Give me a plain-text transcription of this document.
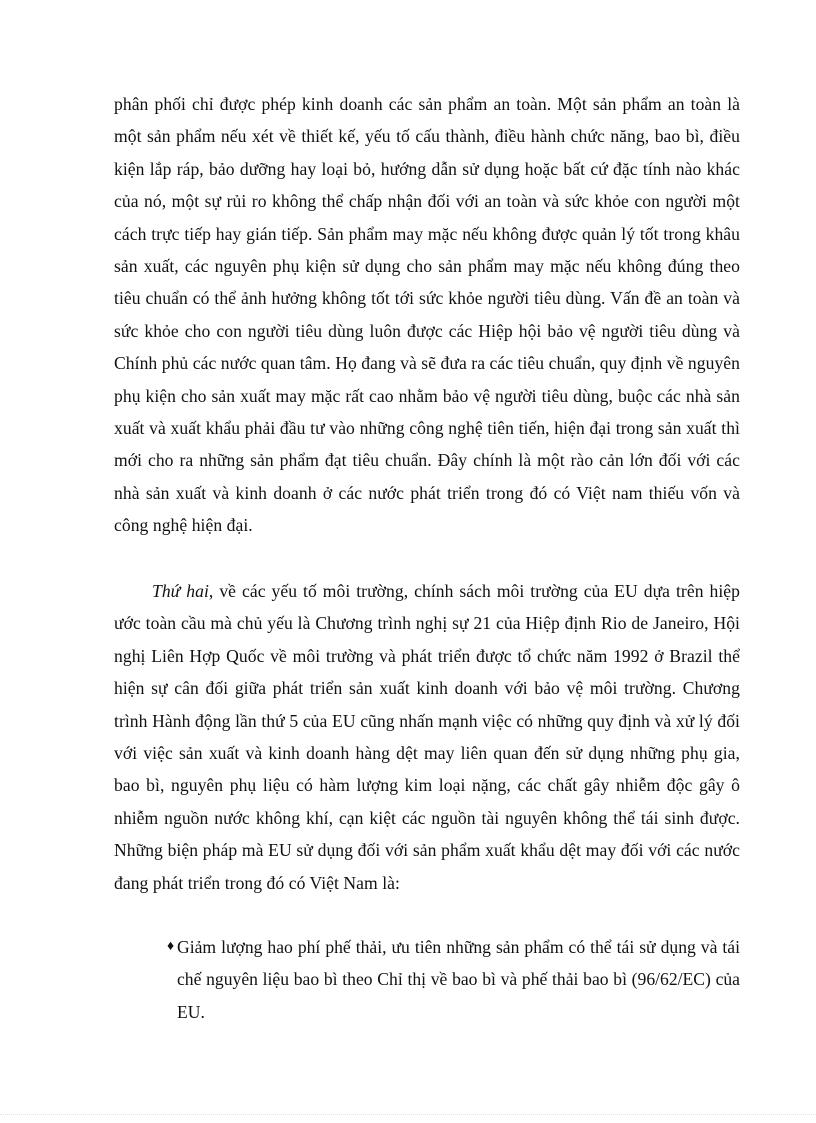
phân phối chỉ được phép kinh doanh các sản phẩm an toàn. Một sản phẩm an toàn là một sản phẩm nếu xét về thiết kế, yếu tố cấu thành, điều hành chức năng, bao bì, điều kiện lắp ráp, bảo dưỡng hay loại bỏ, hướng dẫn sử dụng hoặc bất cứ đặc tính nào khác của nó, một sự rủi ro không thể chấp nhận đối với an toàn và sức khỏe con người một cách trực tiếp hay gián tiếp. Sản phẩm may mặc nếu không được quản lý tốt trong khâu sản xuất, các nguyên phụ kiện sử dụng cho sản phẩm may mặc nếu không đúng theo tiêu chuẩn có thể ảnh hưởng không tốt tới sức khỏe người tiêu dùng. Vấn đề an toàn và sức khỏe cho con người tiêu dùng luôn được các Hiệp hội bảo vệ người tiêu dùng và Chính phủ các nước quan tâm. Họ đang và sẽ đưa ra các tiêu chuẩn, quy định về nguyên phụ kiện cho sản xuất may mặc rất cao nhằm bảo vệ người tiêu dùng, buộc các nhà sản xuất và xuất khẩu phải đầu tư vào những công nghệ tiên tiến, hiện đại trong sản xuất thì mới cho ra những sản phẩm đạt tiêu chuẩn. Đây chính là một rào cản lớn đối với các nhà sản xuất và kinh doanh ở các nước phát triển trong đó có Việt nam thiếu vốn và công nghệ hiện đại.

Thứ hai, về các yếu tố môi trường, chính sách môi trường của EU dựa trên hiệp ước toàn cầu mà chủ yếu là Chương trình nghị sự 21 của Hiệp định Rio de Janeiro, Hội nghị Liên Hợp Quốc về môi trường và phát triển được tổ chức năm 1992 ở Brazil thể hiện sự cân đối giữa phát triển sản xuất kinh doanh với bảo vệ môi trường. Chương trình Hành động lần thứ 5 của EU cũng nhấn mạnh việc có những quy định và xử lý đối với việc sản xuất và kinh doanh hàng dệt may liên quan đến sử dụng những phụ gia, bao bì, nguyên phụ liệu có hàm lượng kim loại nặng, các chất gây nhiễm độc gây ô nhiễm nguồn nước không khí, cạn kiệt các nguồn tài nguyên không thể tái sinh được. Những biện pháp mà EU sử dụng đối với sản phẩm xuất khẩu dệt may đối với các nước đang phát triển trong đó có Việt Nam là:

♦ Giảm lượng hao phí phế thải, ưu tiên những sản phẩm có thể tái sử dụng và tái chế nguyên liệu bao bì theo Chỉ thị về bao bì và phế thải bao bì (96/62/EC) của EU.
